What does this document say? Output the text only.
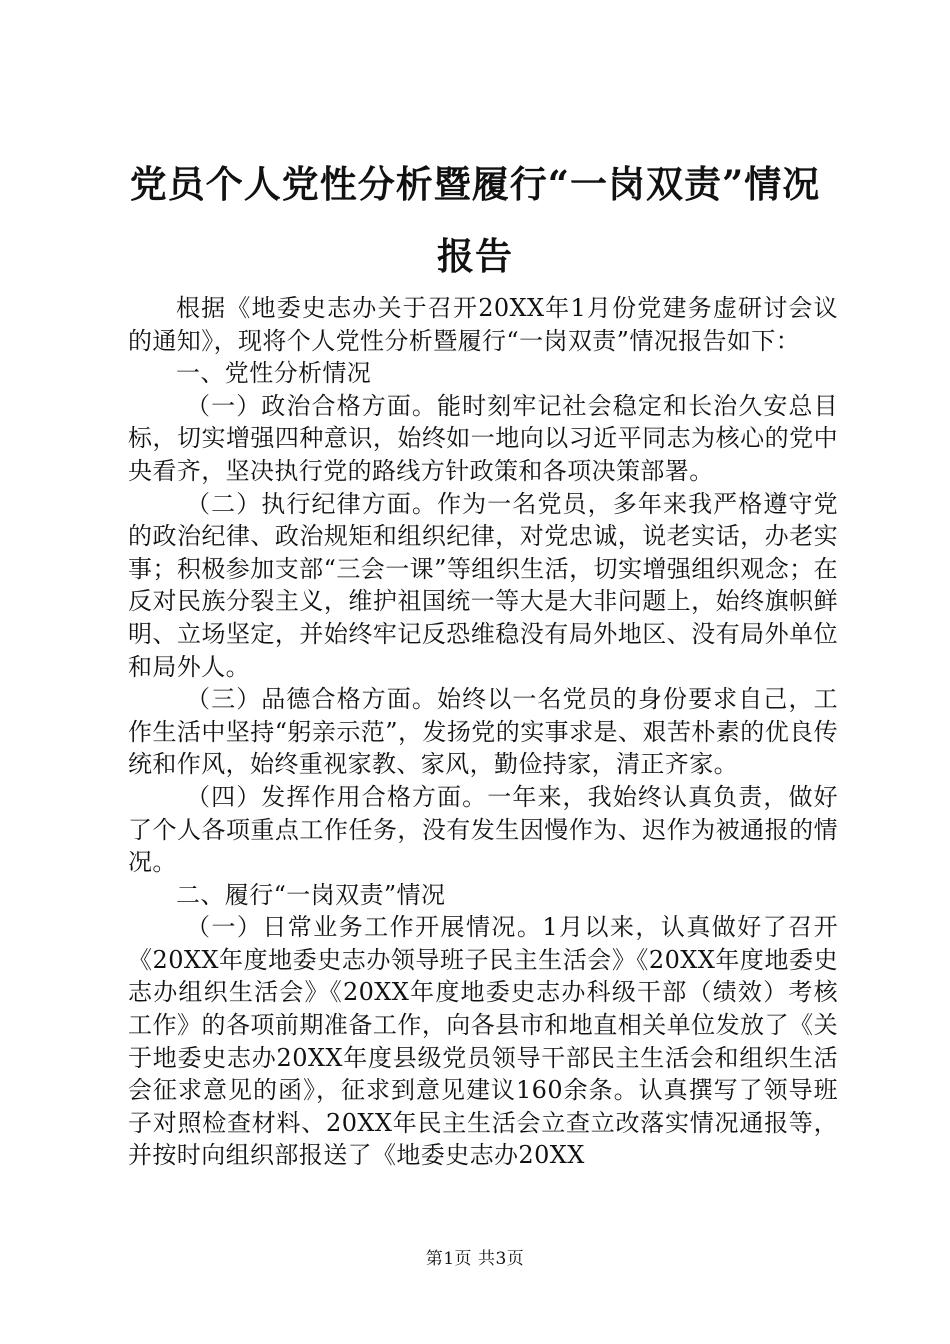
党员个人党性分析暨履行“一岗双责”情况报告

根据《地委史志办关于召开20XX年1月份党建务虚研讨会议的通知》，现将个人党性分析暨履行“一岗双责”情况报告如下：

一、党性分析情况

（一）政治合格方面。能时刻牢记社会稳定和长治久安总目标，切实增强四种意识，始终如一地向以习近平同志为核心的党中央看齐，坚决执行党的路线方针政策和各项决策部署。

（二）执行纪律方面。作为一名党员，多年来我严格遵守党的政治纪律、政治规矩和组织纪律，对党忠诚，说老实话，办老实事；积极参加支部“三会一课”等组织生活，切实增强组织观念；在反对民族分裂主义，维护祖国统一等大是大非问题上，始终旗帜鲜明、立场坚定，并始终牢记反恐维稳没有局外地区、没有局外单位和局外人。

（三）品德合格方面。始终以一名党员的身份要求自己，工作生活中坚持“躬亲示范”，发扬党的实事求是、艰苦朴素的优良传统和作风，始终重视家教、家风，勤俭持家，清正齐家。

（四）发挥作用合格方面。一年来，我始终认真负责，做好了个人各项重点工作任务，没有发生因慢作为、迟作为被通报的情况。

二、履行“一岗双责”情况

（一）日常业务工作开展情况。1月以来，认真做好了召开《20XX年度地委史志办领导班子民主生活会》《20XX年度地委史志办组织生活会》《20XX年度地委史志办科级干部（绩效）考核工作》的各项前期准备工作，向各县市和地直相关单位发放了《关于地委史志办20XX年度县级党员领导干部民主生活会和组织生活会征求意见的函》，征求到意见建议160余条。认真撰写了领导班子对照检查材料、20XX年民主生活会立查立改落实情况通报等，并按时向组织部报送了《地委史志办20XX

第1页 共3页
